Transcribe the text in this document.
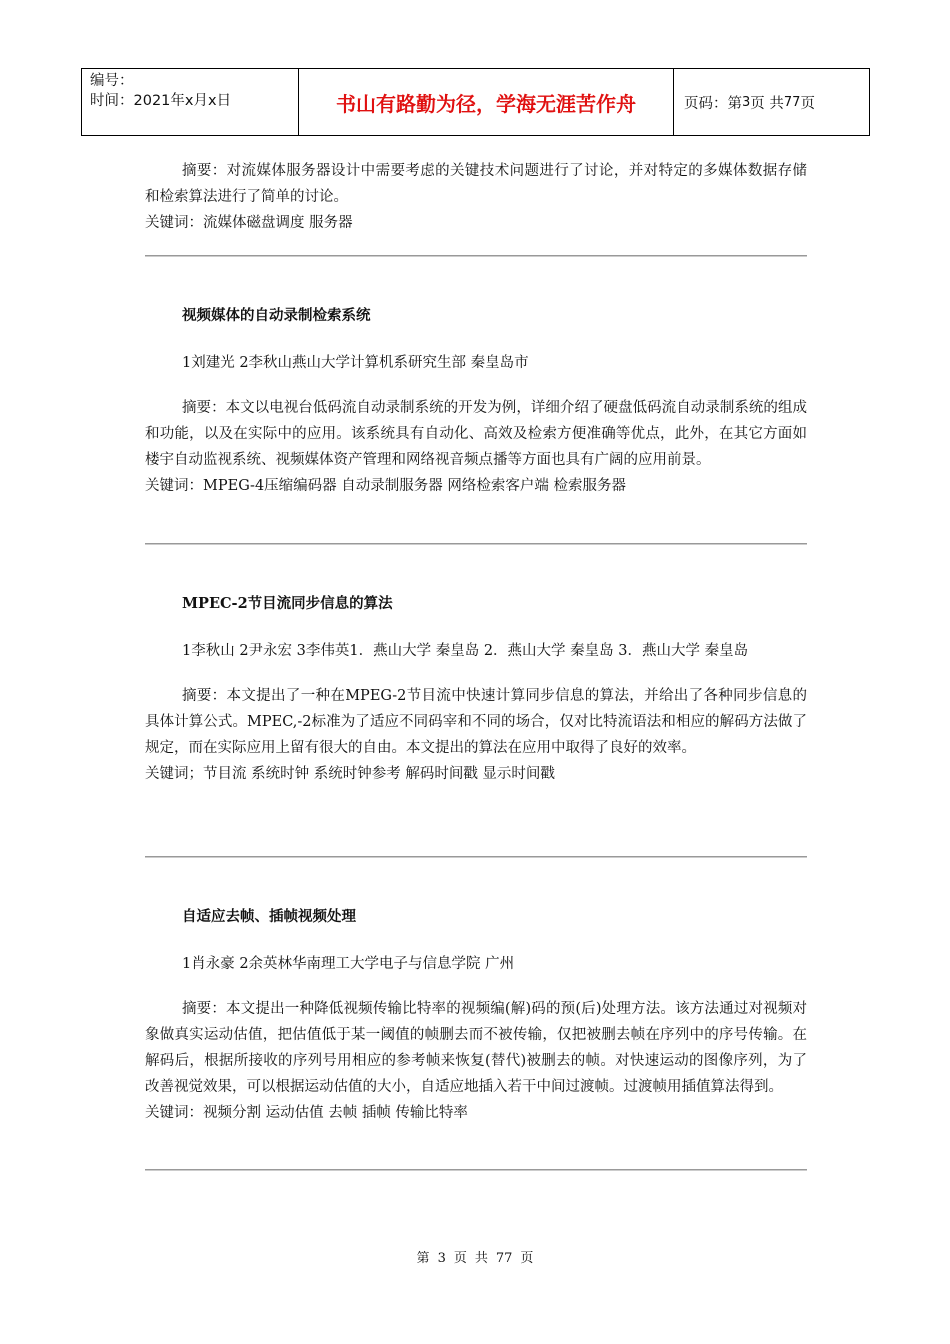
编号：
时间：2021年x月x日	书山有路勤为径，学海无涯苦作舟	页码：第 3 页 共 77 页

摘要：对流媒体服务器设计中需要考虑的关键技术问题进行了讨论，并对特定的多媒体数据存储 和检索算法进行了简单的讨论。

关键词：流媒体磁盘调度 服务器

视频媒体的自动录制检索系统

1刘建光 2李秋山燕山大学计算机系研究生部 秦皇岛市

摘要：本文以电视台低码流自动录制系统的开发为例，详细介绍了硬盘低码流自动录制系统的组成和功能，以及在实际中的应用。该系统具有自动化、高效及检索方便准确等优点，此外，在其它方面如楼宇自动监视系统、视频媒体资产管理和网络视音频点播等方面也具有广阔的应用前景。

关键词：MPEG-4压缩编码器 自动录制服务器 网络检索客户端 检索服务器

MPEC-2节目流同步信息的算法

1李秋山 2尹永宏 3李伟英1．燕山大学 秦皇岛 2．燕山大学 秦皇岛 3．燕山大学 秦皇岛

摘要：本文提出了一种在MPEG-2节目流中快速计算同步信息的算法，并给出了各种同步信息的具体计算公式。MPEC,-2标准为了适应不同码宰和不同的场合，仅对比特流语法和相应的解码方法做了规定，而在实际应用上留有很大的自由。本文提出的算法在应用中取得了良好的效率。

关键词；节目流 系统时钟 系统时钟参考 解码时间戳 显示时间戳

自适应去帧、插帧视频处理

1肖永豪 2余英林华南理工大学电子与信息学院 广州

摘要：本文提出一种降低视频传输比特率的视频编(解)码的预(后)处理方法。该方法通过对视频对象做真实运动估值，把估值低于某一阈值的帧删去而不被传输，仅把被删去帧在序列中的序号传输。在解码后，根据所接收的序列号用相应的参考帧来恢复(替代)被删去的帧。对快速运动的图像序列，为了改善视觉效果，可以根据运动估值的大小，自适应地插入若干中间过渡帧。过渡帧用插值算法得到。

关键词：视频分割 运动估值 去帧 插帧 传输比特率

第 3 页 共 77 页
